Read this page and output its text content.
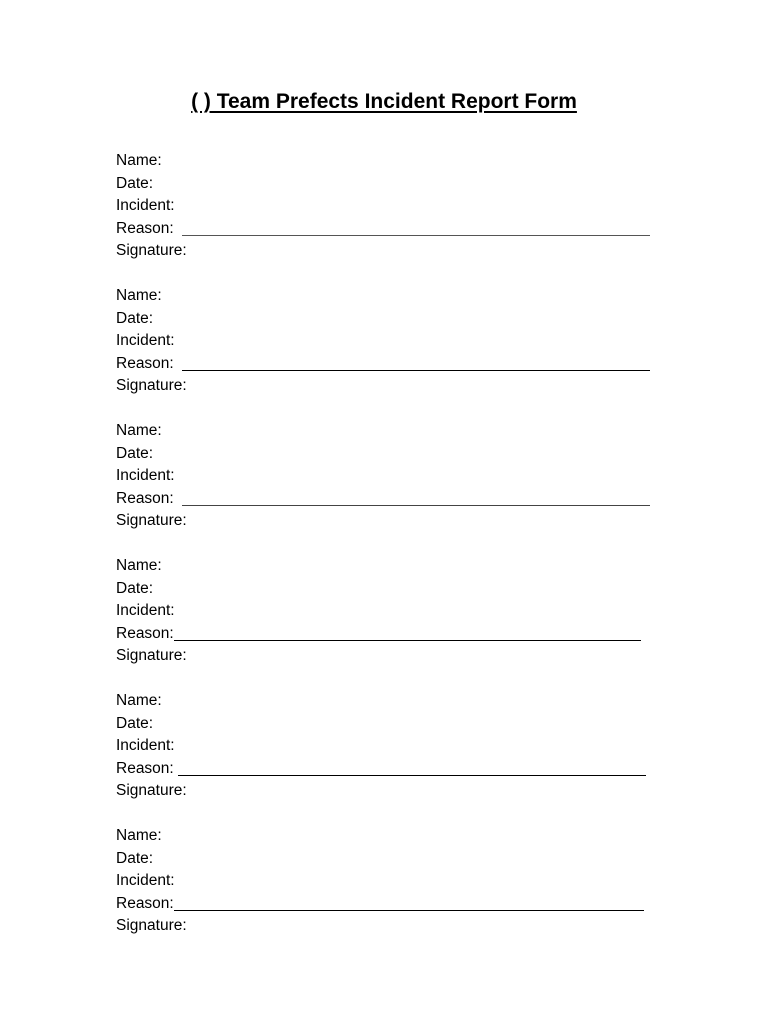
( ) Team Prefects Incident Report Form
Name:
Date:
Incident:
Reason:
Signature:
Name:
Date:
Incident:
Reason:
Signature:
Name:
Date:
Incident:
Reason:
Signature:
Name:
Date:
Incident:
Reason:
Signature:
Name:
Date:
Incident:
Reason:
Signature:
Name:
Date:
Incident:
Reason:
Signature:
